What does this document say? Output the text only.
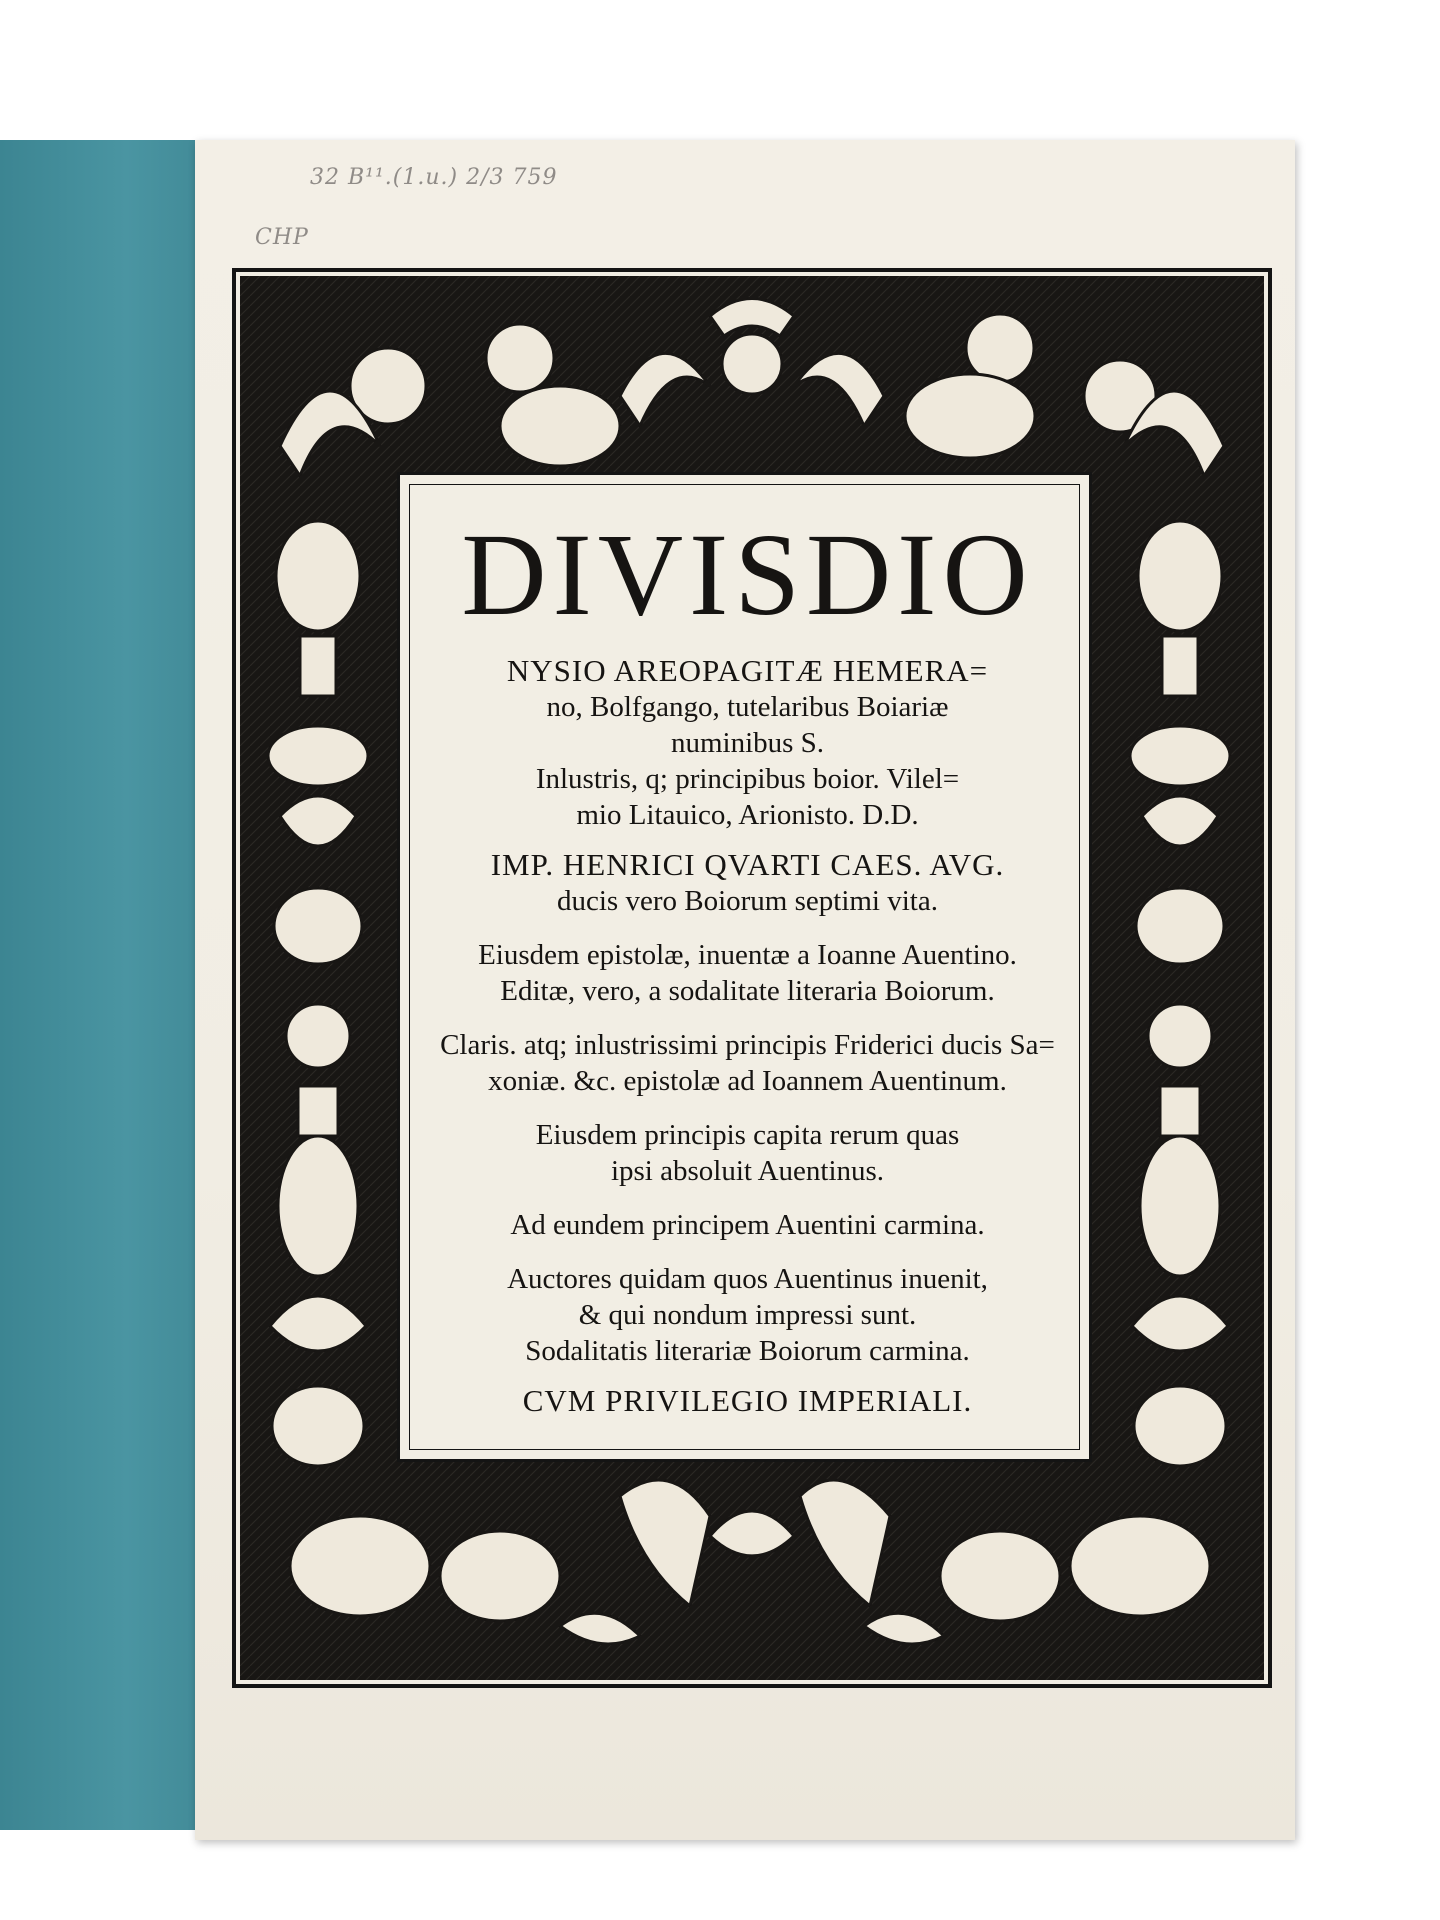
32 B¹¹.(1.u.) 2/3 759
CHP
DIVISDIO
NYSIO AREOPAGITÆ HEMERA=
no, Bolfgango, tutelaribus Boiariæ
numinibus S.
Inlustris, q; principibus boior. Vilel=
mio Litauico, Arionisto. D.D.
IMP. HENRICI QVARTI CAES. AVG.
ducis vero Boiorum septimi vita.
Eiusdem epistolæ, inuentæ a Ioanne Auentino.
Editæ, vero, a sodalitate literaria Boiorum.
Claris. atq; inlustrissimi principis Friderici ducis Sa=
xoniæ. &c. epistolæ ad Ioannem Auentinum.
Eiusdem principis capita rerum quas
ipsi absoluit Auentinus.
Ad eundem principem Auentini carmina.
Auctores quidam quos Auentinus inuenit,
& qui nondum impressi sunt.
Sodalitatis literariæ Boiorum carmina.
CVM PRIVILEGIO IMPERIALI.
